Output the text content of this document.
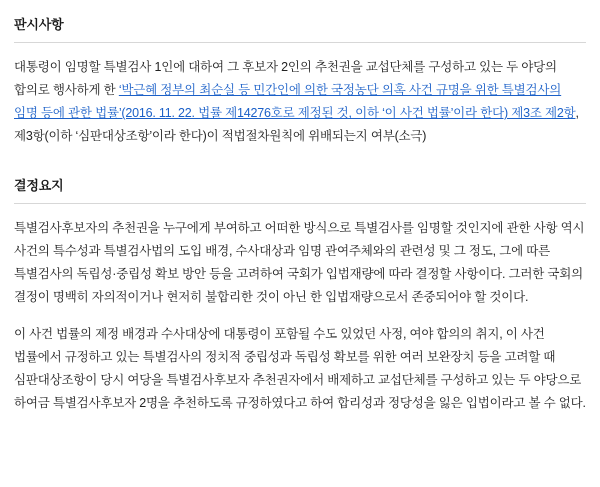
판시사항

대통령이 임명할 특별검사 1인에 대하여 그 후보자 2인의 추천권을 교섭단체를 구성하고 있는 두 야당의 합의로 행사하게 한 ‘박근혜 정부의 최순실 등 민간인에 의한 국정농단 의혹 사건 규명을 위한 특별검사의 임명 등에 관한 법률’(2016. 11. 22. 법률 제14276호로 제정된 것, 이하 ‘이 사건 법률’이라 한다) 제3조 제2항, 제3항(이하 ‘심판대상조항’이라 한다)이 적법절차원칙에 위배되는지 여부(소극)

결정요지

특별검사후보자의 추천권을 누구에게 부여하고 어떠한 방식으로 특별검사를 임명할 것인지에 관한 사항 역시 사건의 특수성과 특별검사법의 도입 배경, 수사대상과 임명 관여주체와의 관련성 및 그 정도, 그에 따른 특별검사의 독립성·중립성 확보 방안 등을 고려하여 국회가 입법재량에 따라 결정할 사항이다. 그러한 국회의 결정이 명백히 자의적이거나 현저히 불합리한 것이 아닌 한 입법재량으로서 존중되어야 할 것이다.

이 사건 법률의 제정 배경과 수사대상에 대통령이 포함될 수도 있었던 사정, 여야 합의의 취지, 이 사건 법률에서 규정하고 있는 특별검사의 정치적 중립성과 독립성 확보를 위한 여러 보완장치 등을 고려할 때 심판대상조항이 당시 여당을 특별검사후보자 추천권자에서 배제하고 교섭단체를 구성하고 있는 두 야당으로 하여금 특별검사후보자 2명을 추천하도록 규정하였다고 하여 합리성과 정당성을 잃은 입법이라고 볼 수 없다.
